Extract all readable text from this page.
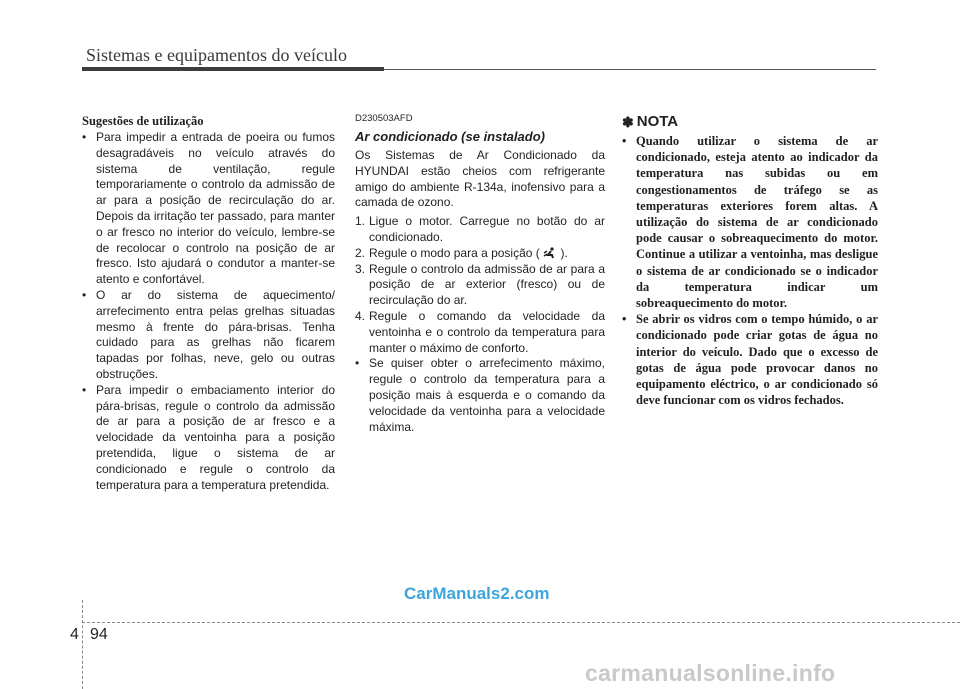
Sistemas e equipamentos do veículo
Sugestões de utilização
• Para impedir a entrada de poeira ou fumos desagradáveis no veículo através do sistema de ventilação, regule temporariamente o controlo da admissão de ar para a posição de recirculação do ar. Depois da irritação ter passado, para manter o ar fresco no interior do veículo, lembre-se de recolocar o controlo na posição de ar fresco. Isto ajudará o condutor a manter-se atento e confortável.
• O ar do sistema de aquecimento/ arrefecimento entra pelas grelhas situadas mesmo à frente do pára-brisas. Tenha cuidado para as grelhas não ficarem tapadas por folhas, neve, gelo ou outras obstruções.
• Para impedir o embaciamento interior do pára-brisas, regule o controlo da admissão de ar para a posição de ar fresco e a velocidade da ventoinha para a posição pretendida, ligue o sistema de ar condicionado e regule o controlo da temperatura para a temperatura pretendida.
D230503AFD
Ar condicionado (se instalado)
Os Sistemas de Ar Condicionado da HYUNDAI estão cheios com refrigerante amigo do ambiente R-134a, inofensivo para a camada de ozono.
1. Ligue o motor. Carregue no botão do ar condicionado.
2. Regule o modo para a posição ( ).
3. Regule o controlo da admissão de ar para a posição de ar exterior (fresco) ou de recirculação do ar.
4. Regule o comando da velocidade da ventoinha e o controlo da temperatura para manter o máximo de conforto.
• Se quiser obter o arrefecimento máximo, regule o controlo da temperatura para a posição mais à esquerda e o comando da velocidade da ventoinha para a velocidade máxima.
✽ NOTA
• Quando utilizar o sistema de ar condicionado, esteja atento ao indicador da temperatura nas subidas ou em congestionamentos de tráfego se as temperaturas exteriores forem altas. A utilização do sistema de ar condicionado pode causar o sobreaquecimento do motor. Continue a utilizar a ventoinha, mas desligue o sistema de ar condicionado se o indicador da temperatura indicar um sobreaquecimento do motor.
• Se abrir os vidros com o tempo húmido, o ar condicionado pode criar gotas de água no interior do veículo. Dado que o excesso de gotas de água pode provocar danos no equipamento eléctrico, o ar condicionado só deve funcionar com os vidros fechados.
CarManuals2.com
4 94
carmanualsonline.info
